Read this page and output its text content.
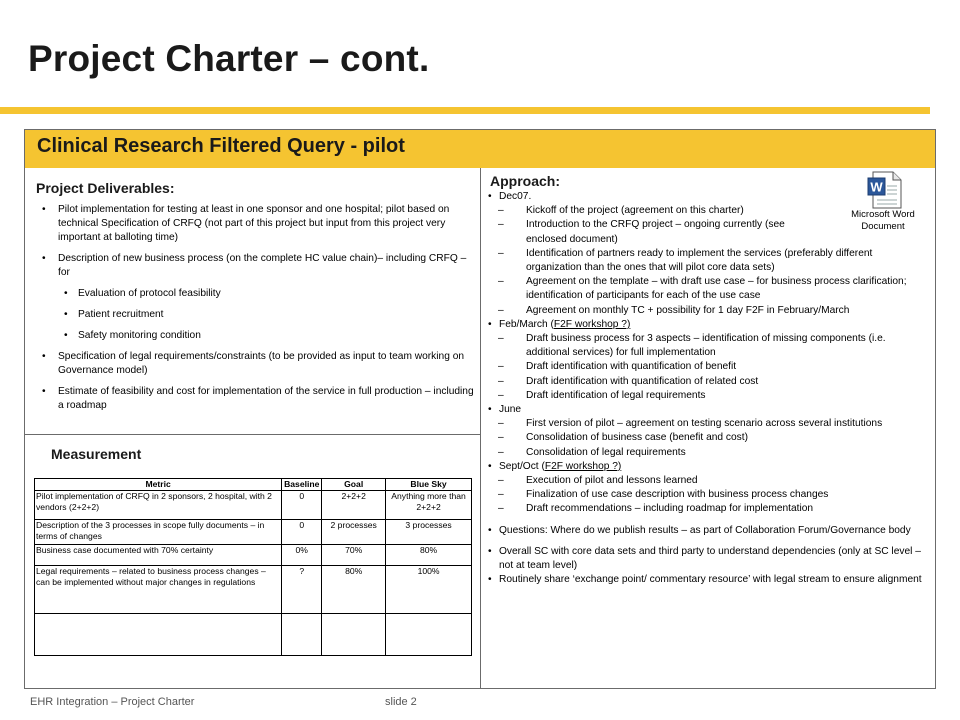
Project Charter – cont.
Clinical Research Filtered Query - pilot
Project Deliverables:
• Pilot implementation for testing at least in one sponsor and one hospital; pilot based on technical Specification of CRFQ (not part of this project but input from this project very important at balloting time)
• Description of new business process (on the complete HC value chain)– including CRFQ – for
• Evaluation of protocol feasibility
• Patient recruitment
• Safety monitoring condition
• Specification of legal requirements/constraints (to be provided as input to team working on Governance model)
• Estimate of feasibility and cost for implementation of the service in full production – including a roadmap
Measurement
Metric	Baseline	Goal	Blue Sky
Pilot implementation of CRFQ in 2 sponsors, 2 hospital, with 2 vendors (2+2+2)	0	2+2+2	Anything more than 2+2+2
Description of the 3 processes in scope fully documents – in terms of changes	0	2 processes	3 processes
Business case documented with 70% certainty	0%	70%	80%
Legal requirements – related to business process changes – can be implemented without major changes in regulations	?	80%	100%

Approach:
• Dec07.
– Kickoff of the project (agreement on this charter)
– Introduction to the CRFQ project – ongoing currently (see enclosed document)
– Identification of partners ready to implement the services (preferably different organization than the ones that will pilot core data sets)
– Agreement on the template – with draft use case – for business process clarification; identification of participants for each of the use case
– Agreement on monthly TC + possibility for 1 day F2F in February/March
• Feb/March (F2F workshop ?)
– Draft business process for 3 aspects – identification of missing components (i.e. additional services) for full implementation
– Draft identification with quantification of benefit
– Draft identification with quantification of related cost
– Draft identification of legal requirements
• June
– First version of pilot – agreement on testing scenario across several institutions
– Consolidation of business case (benefit and cost)
– Consolidation of legal requirements
• Sept/Oct (F2F workshop ?)
– Execution of pilot and lessons learned
– Finalization of use case description with business process changes
– Draft recommendations – including roadmap for implementation
• Questions: Where do we publish results – as part of Collaboration Forum/Governance body
• Overall SC with core data sets and third party to understand dependencies (only at SC level – not at team level)
• Routinely share ‘exchange point/ commentary resource’ with legal stream to ensure alignment
W
Microsoft Word Document
EHR Integration – Project Charter	slide 2
